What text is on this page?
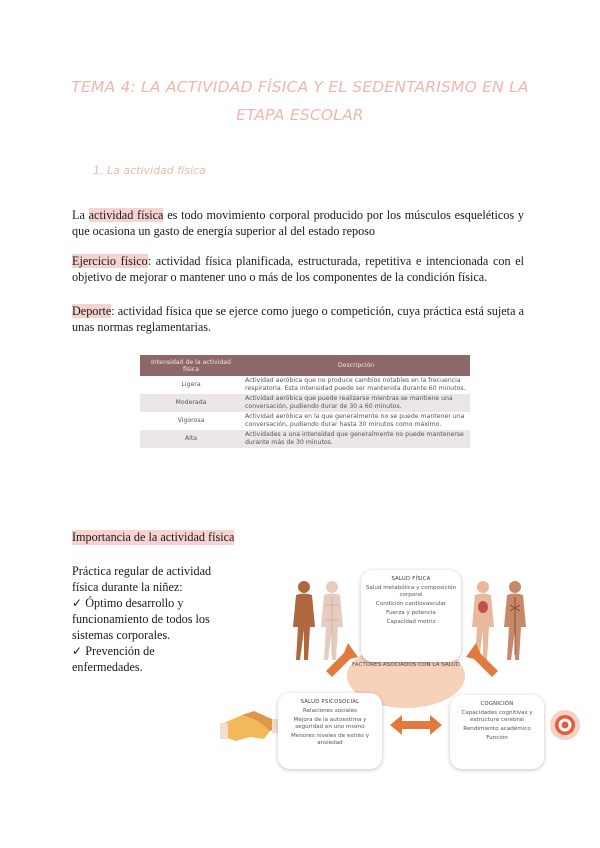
TEMA 4: LA ACTIVIDAD FÍSICA Y EL SEDENTARISMO EN LA ETAPA ESCOLAR
1. La actividad física
La actividad física es todo movimiento corporal producido por los músculos esqueléticos y que ocasiona un gasto de energía superior al del estado reposo
Ejercicio físico: actividad física planificada, estructurada, repetitiva e intencionada con el objetivo de mejorar o mantener uno o más de los componentes de la condición física.
Deporte: actividad física que se ejerce como juego o competición, cuya práctica está sujeta a unas normas reglamentarias.
Intensidad de la actividad física	Descripción
Ligera	Actividad aeróbica que no produce cambios notables en la frecuencia respiratoria. Esta intensidad puede ser mantenida durante 60 minutos.
Moderada	Actividad aeróbica que puede realizarse mientras se mantiene una conversación, pudiendo durar de 30 a 60 minutos.
Vigorosa	Actividad aeróbica en la que generalmente no se puede mantener una conversación, pudiendo durar hasta 30 minutos como máximo.
Alta	Actividades a una intensidad que generalmente no puede mantenerse durante más de 30 minutos.
Importancia de la actividad física
Práctica regular de actividad física durante la niñez:
✓ Óptimo desarrollo y funcionamiento de todos los sistemas corporales.
✓ Prevención de enfermedades.	FACTORES ASOCIADOS CON LA SALUD
SALUD FÍSICA
Salud metabólica y composición corporal
Condición cardiovascular
Fuerza y potencia
Capacidad motriz
SALUD PSICOSOCIAL
Relaciones sociales
Mejora de la autoestima y seguridad en uno mismo
Menores niveles de estrés y ansiedad
COGNICIÓN
Capacidades cognitivas y estructura cerebral
Rendimiento académico
Función
